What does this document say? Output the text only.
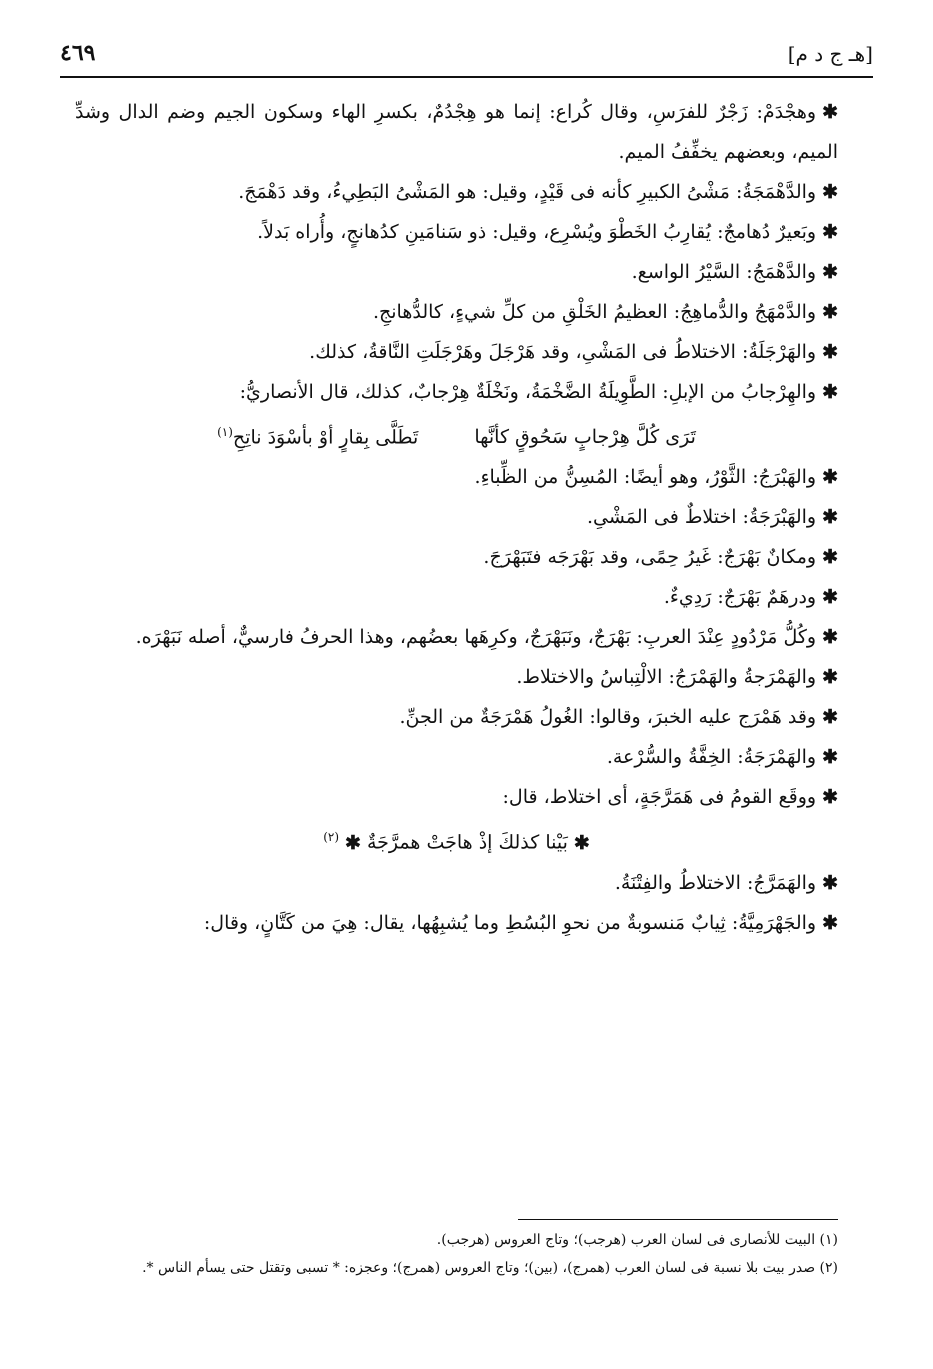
[هـ ج د م]
٤٦٩

✱وهجْدَمْ: زَجْرٌ للفرَسِ، وقال كُراع: إنما هو هِجْدُمٌ، بكسرِ الهاء وسكون الجيم وضم الدال وشدِّ الميم، وبعضهم يخفِّفُ الميم.

✱والدَّهْمَجَةُ: مَشْىُ الكبيرِ كأنه فى قَيْدٍ، وقيل: هو المَشْىُ البَطِيءُ، وقد دَهْمَجَ.

✱وبَعيرٌ دُهامجٌ: يُقارِبُ الخَطْوَ ويُسْرِع، وقيل: ذو سَنامَينِ كدُهانجٍ، وأُراه بَدلاً.

✱والدَّهْمَجُ: السَّيْرُ الواسع.

✱والدَّمْهَجُ والدُّماهِجُ: العظيمُ الخَلْقِ من كلِّ شيءٍ، كالدُّهانجِ.

✱والهَرْجَلَةُ: الاختلاطُ فى المَشْىِ، وقد هَرْجَلَ وهَرْجَلَتِ النَّاقةُ، كذلك.

✱والهِرْجابُ من الإبلِ: الطَّوِيلَةُ الضَّخْمَةُ، ونَخْلَةٌ هِرْجابٌ، كذلك، قال الأنصاريُّ:

تَرَى كُلَّ هِرْجابٍ سَحُوقٍ كأنَّها تَطَلَّى بِقارٍ أوْ بأسْوَدَ ناتِحِ$^{(١)}$

✱والهَبْرَجُ: الثَّوْرُ، وهو أيضًا: المُسِنُّ من الظِّباءِ.

✱والهَبْرَجَةُ: اختلاطٌ فى المَشْىِ.

✱ومكانٌ بَهْرَجٌ: غَيرُ حِمًى، وقد بَهْرَجَه فتَبَهْرَجَ.

✱ودرهَمٌ بَهْرَجٌ: رَدِيءٌ.

✱وكُلُّ مَرْدُودٍ عِنْدَ العربِ: بَهْرَجٌ، ونَبَهْرَجٌ، وكرِهَها بعضُهم، وهذا الحرفُ فارسيٌّ، أصله نَبَهْرَه.

✱والهَمْرَجةُ والهَمْرَجُ: الالْتِباسُ والاختلاط.

✱وقد هَمْرَج عليه الخبرَ، وقالوا: الغُولُ هَمْرَجَةٌ من الجنِّ.

✱والهَمْرَجَةُ: الخِفَّةُ والسُّرْعة.

✱ووقَع القومُ فى هَمَرَّجَةٍ، أى اختلاط، قال:

✱بَيْنا كذلكَ إذْ هاجَتْ همرَّجَةٌ ✱$^{(٢)}$

✱والهَمَرَّجُ: الاختلاطُ والفِتْنَةُ.

✱والجَهْرَمِيَّةُ: ثِيابٌ مَنسوبةٌ من نحوِ البُسُطِ وما يُشبِهُها، يقال: هِيَ من كَتَّانٍ، وقال:

(١) البيت للأنصارى فى لسان العرب (هرجب)؛ وتاج العروس (هرجب).

(٢) صدر بيت بلا نسبة فى لسان العرب (همرج)، (بين)؛ وتاج العروس (همرج)؛ وعجزه: * تسبى وتقتل حتى يسأم الناس *.
